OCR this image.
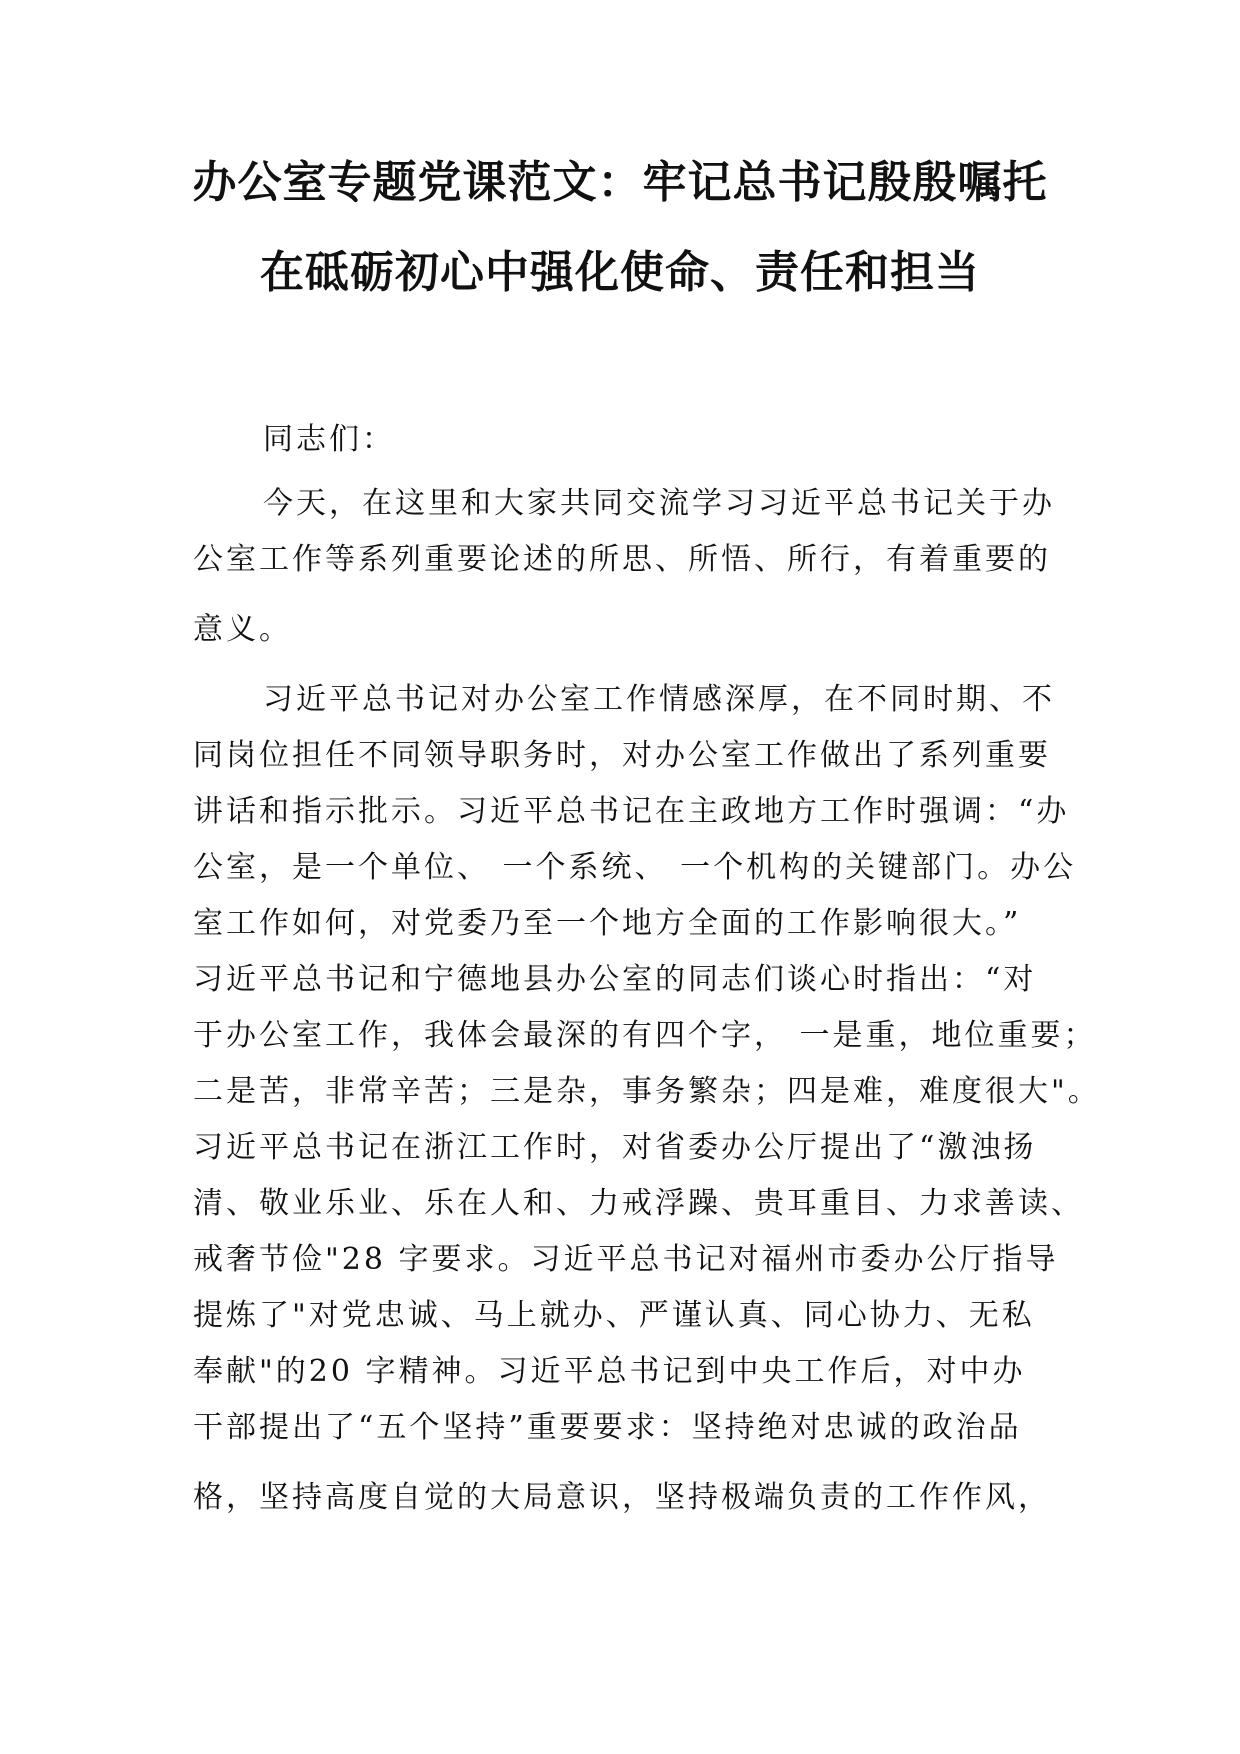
办公室专题党课范文：牢记总书记殷殷嘱托
在砥砺初心中强化使命、责任和担当
同志们：
今天，在这里和大家共同交流学习习近平总书记关于办
公室工作等系列重要论述的所思、所悟、所行，有着重要的
意义。
习近平总书记对办公室工作情感深厚，在不同时期、不
同岗位担任不同领导职务时，对办公室工作做出了系列重要
讲话和指示批示。习近平总书记在主政地方工作时强调：“办
公室，是一个单位、 一个系统、 一个机构的关键部门。办公
室工作如何，对党委乃至一个地方全面的工作影响很大。”
习近平总书记和宁德地县办公室的同志们谈心时指出：“对
于办公室工作，我体会最深的有四个字， 一是重，地位重要；
二是苦，非常辛苦；三是杂，事务繁杂；四是难，难度很大"。
习近平总书记在浙江工作时，对省委办公厅提出了“激浊扬
清、敬业乐业、乐在人和、力戒浮躁、贵耳重目、力求善读、
戒奢节俭"28 字要求。习近平总书记对福州市委办公厅指导
提炼了"对党忠诚、马上就办、严谨认真、同心协力、无私
奉献"的20 字精神。习近平总书记到中央工作后，对中办
干部提出了“五个坚持”重要要求：坚持绝对忠诚的政治品
格，坚持高度自觉的大局意识，坚持极端负责的工作作风，
